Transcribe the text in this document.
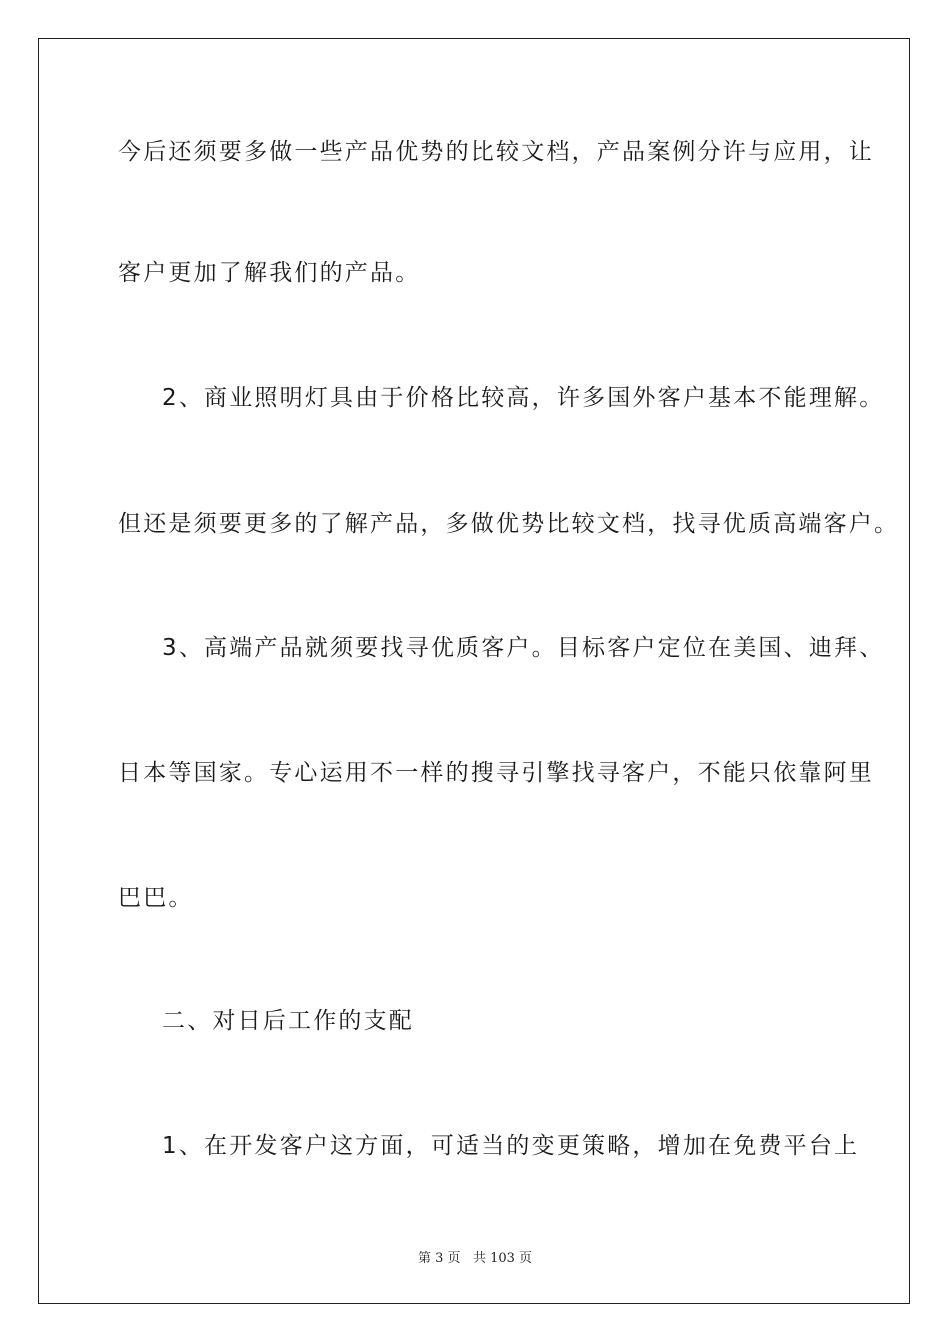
今后还须要多做一些产品优势的比较文档，产品案例分许与应用，让
客户更加了解我们的产品。
2、商业照明灯具由于价格比较高，许多国外客户基本不能理解。
但还是须要更多的了解产品，多做优势比较文档，找寻优质高端客户。
3、高端产品就须要找寻优质客户。目标客户定位在美国、迪拜、
日本等国家。专心运用不一样的搜寻引擎找寻客户，不能只依靠阿里
巴巴。
二、对日后工作的支配
1、在开发客户这方面，可适当的变更策略，增加在免费平台上
第 3 页 共 103 页
